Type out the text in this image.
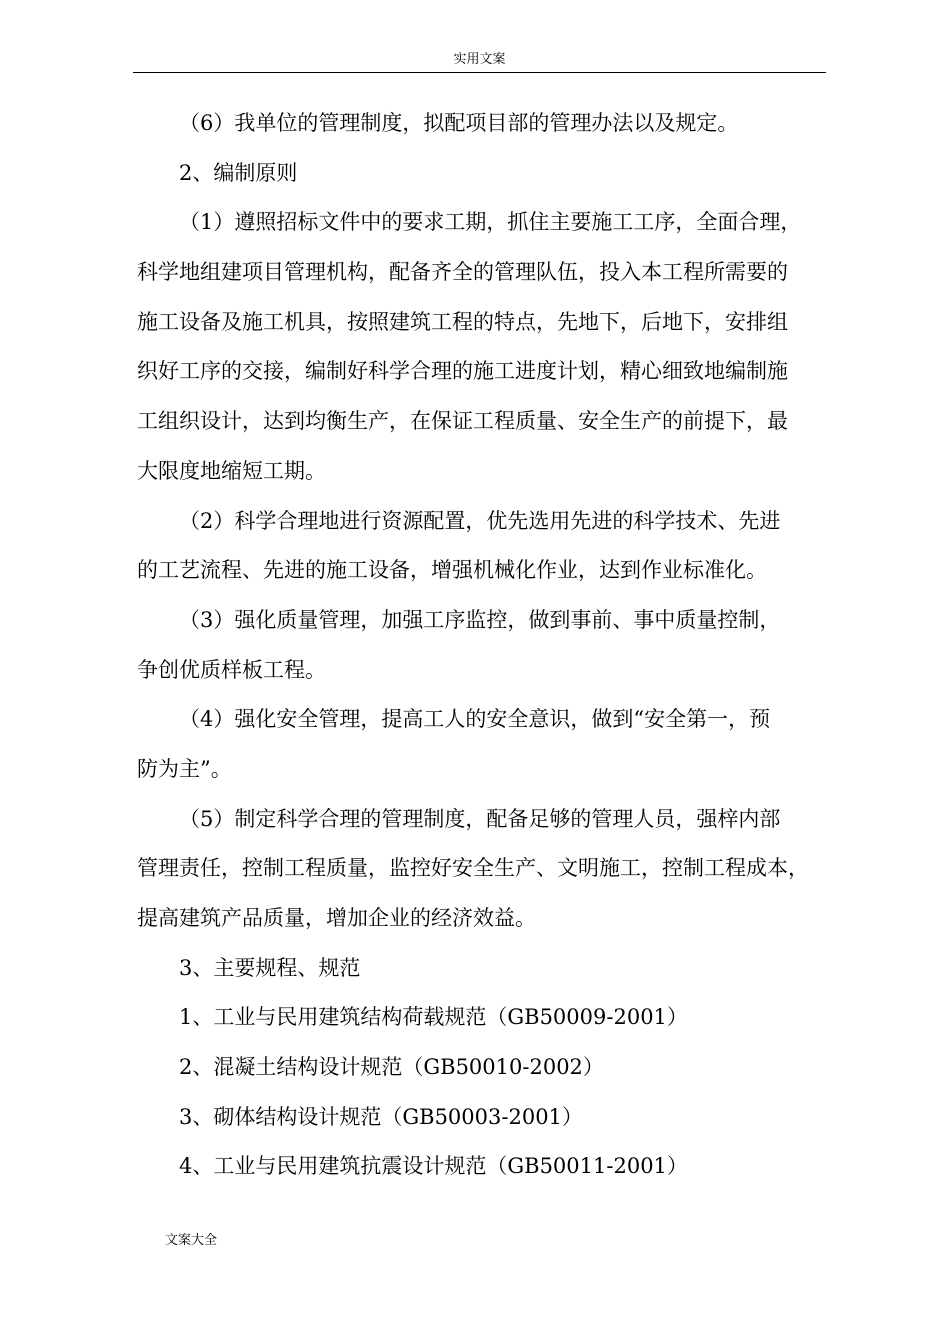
实用文案
（6）我单位的管理制度，拟配项目部的管理办法以及规定。
2、编制原则
（1）遵照招标文件中的要求工期，抓住主要施工工序，全面合理，
科学地组建项目管理机构，配备齐全的管理队伍，投入本工程所需要的
施工设备及施工机具，按照建筑工程的特点，先地下，后地下，安排组
织好工序的交接，编制好科学合理的施工进度计划，精心细致地编制施
工组织设计，达到均衡生产，在保证工程质量、安全生产的前提下，最
大限度地缩短工期。
（2）科学合理地进行资源配置，优先选用先进的科学技术、先进
的工艺流程、先进的施工设备，增强机械化作业，达到作业标准化。
（3）强化质量管理，加强工序监控，做到事前、事中质量控制，
争创优质样板工程。
（4）强化安全管理，提高工人的安全意识，做到“安全第一，预
防为主”。
（5）制定科学合理的管理制度，配备足够的管理人员，强梓内部
管理责任，控制工程质量，监控好安全生产、文明施工，控制工程成本，
提高建筑产品质量，增加企业的经济效益。
3、主要规程、规范
1、工业与民用建筑结构荷载规范（GB50009-2001）
2、混凝土结构设计规范（GB50010-2002）
3、砌体结构设计规范（GB50003-2001）
4、工业与民用建筑抗震设计规范（GB50011-2001）
文案大全
